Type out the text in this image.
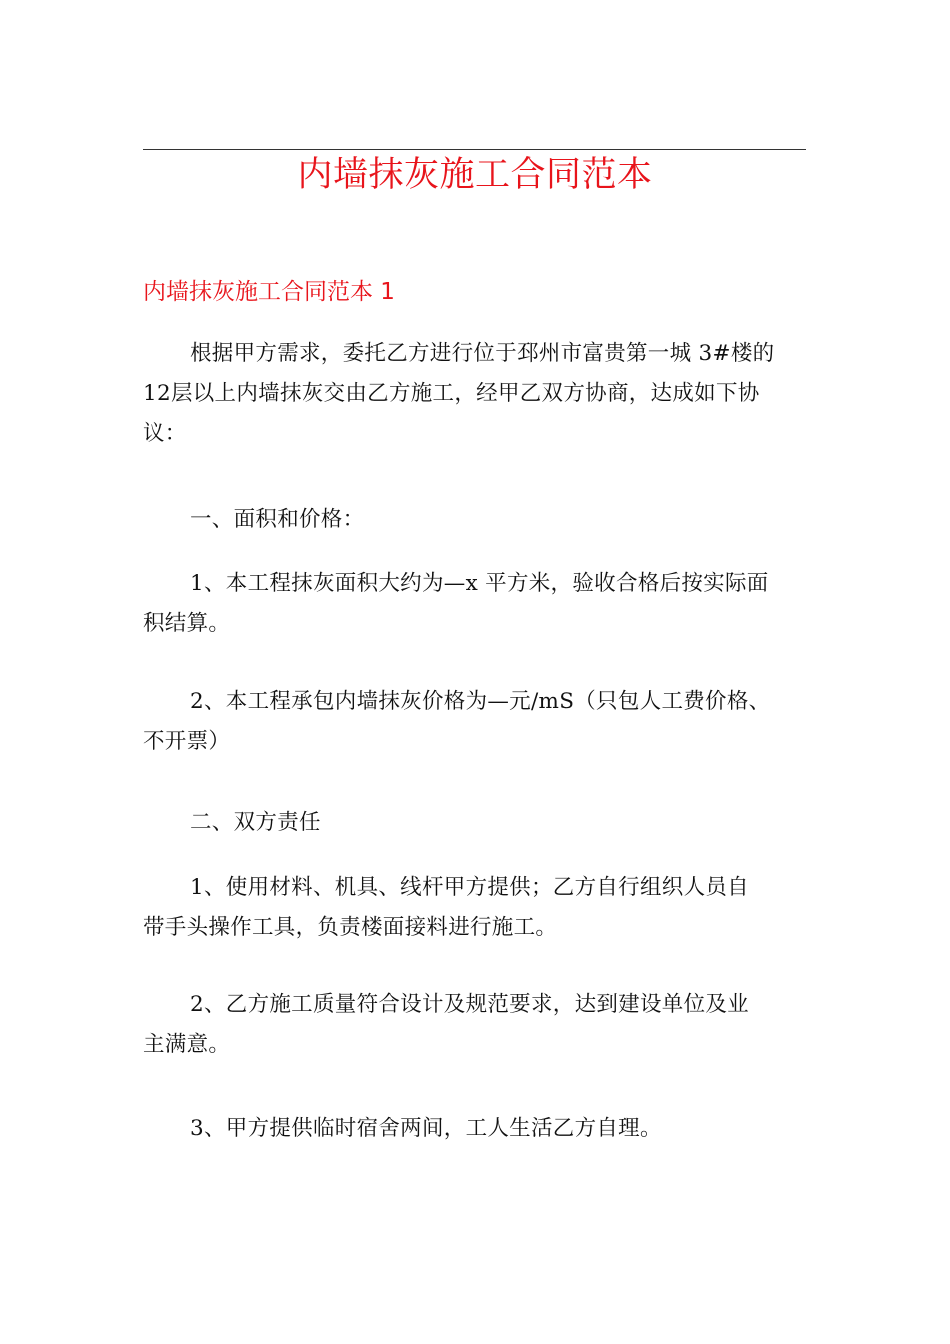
内墙抹灰施工合同范本
内墙抹灰施工合同范本 1

根据甲方需求，委托乙方进行位于邳州市富贵第一城 3#楼的
12层以上内墙抹灰交由乙方施工，经甲乙双方协商，达成如下协
议：

一、面积和价格：

1、本工程抹灰面积大约为—x 平方米，验收合格后按实际面
积结算。

2、本工程承包内墙抹灰价格为—元/mS（只包人工费价格、
不开票）

二、双方责任

1、使用材料、机具、线杆甲方提供；乙方自行组织人员自
带手头操作工具，负责楼面接料进行施工。

2、乙方施工质量符合设计及规范要求，达到建设单位及业
主满意。

3、甲方提供临时宿舍两间，工人生活乙方自理。
